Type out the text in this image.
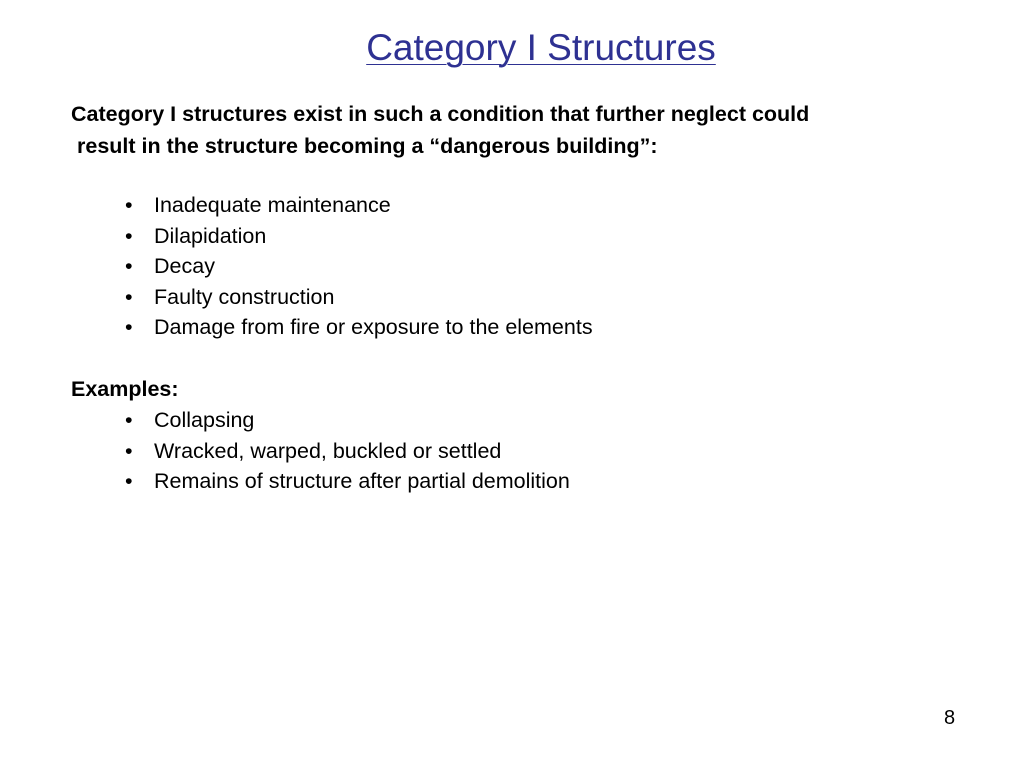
Category I Structures

Category I structures exist in such a condition that further neglect could
result in the structure becoming a “dangerous building”:

• Inadequate maintenance
• Dilapidation
• Decay
• Faulty construction
• Damage from fire or exposure to the elements

Examples:

• Collapsing
• Wracked, warped, buckled or settled
• Remains of structure after partial demolition
8
